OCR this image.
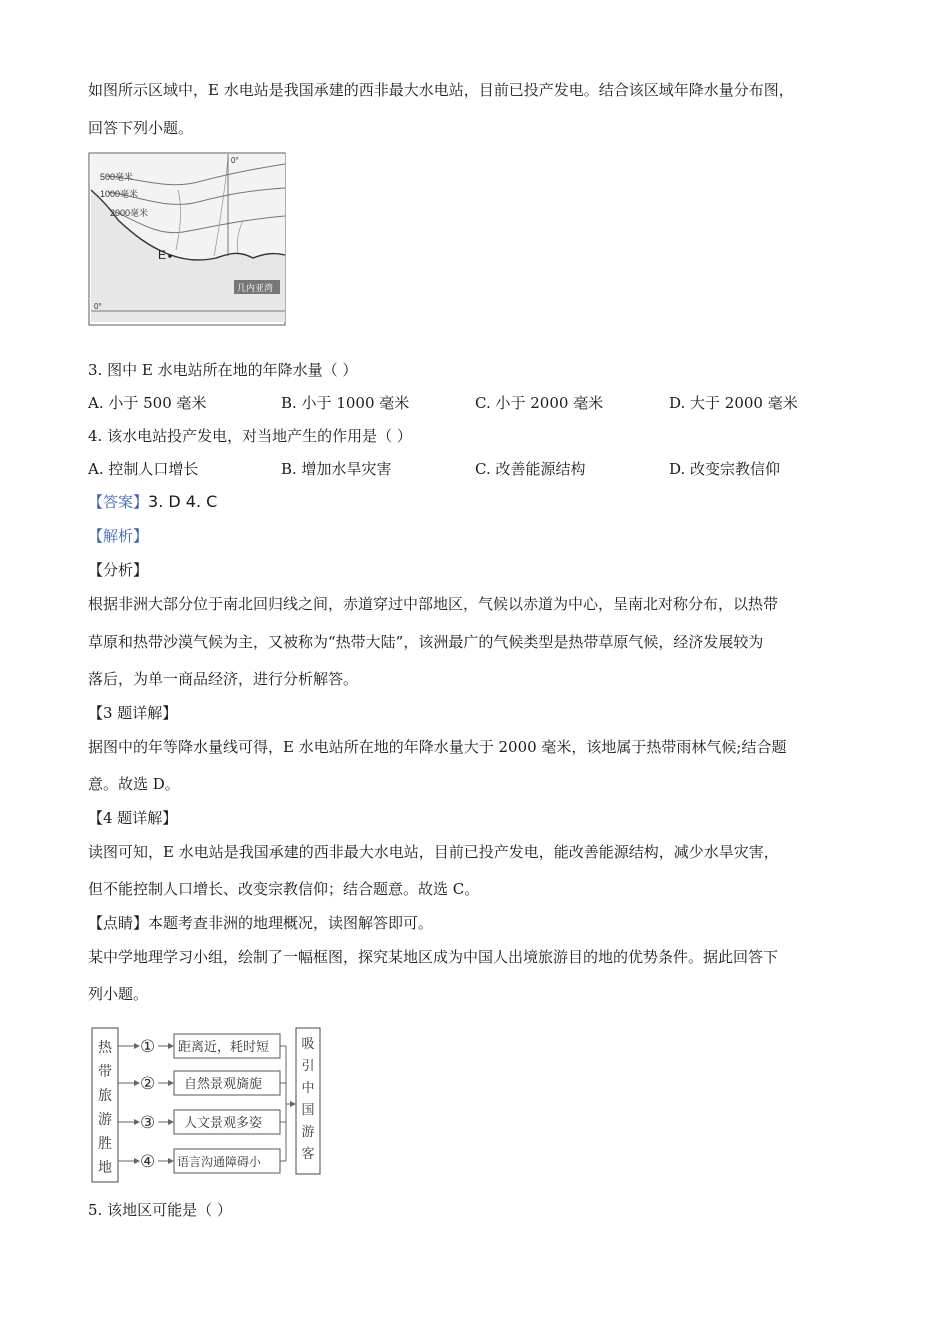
如图所示区域中，E 水电站是我国承建的西非最大水电站，目前已投产发电。结合该区域年降水量分布图，
回答下列小题。
500毫米
1000毫米
2000毫米
E
几内亚湾
0°
0°
3. 图中 E 水电站所在地的年降水量（ ）
A. 小于 500 毫米	B. 小于 1000 毫米	C. 小于 2000 毫米	D. 大于 2000 毫米
4. 该水电站投产发电，对当地产生的作用是（ ）
A. 控制人口增长	B. 增加水旱灾害	C. 改善能源结构	D. 改变宗教信仰
【答案】3. D 4. C
【解析】
【分析】
根据非洲大部分位于南北回归线之间，赤道穿过中部地区，气候以赤道为中心，呈南北对称分布，以热带
草原和热带沙漠气候为主，又被称为“热带大陆”，该洲最广的气候类型是热带草原气候，经济发展较为
落后，为单一商品经济，进行分析解答。
【3 题详解】
据图中的年等降水量线可得，E 水电站所在地的年降水量大于 2000 毫米，该地属于热带雨林气候;结合题
意。故选 D。
【4 题详解】
读图可知，E 水电站是我国承建的西非最大水电站，目前已投产发电，能改善能源结构，减少水旱灾害，
但不能控制人口增长、改变宗教信仰；结合题意。故选 C。
【点睛】本题考查非洲的地理概况，读图解答即可。
某中学地理学习小组，绘制了一幅框图，探究某地区成为中国人出境旅游目的地的优势条件。据此回答下
列小题。
热带旅游胜地
①
②
③
④
距离近，耗时短
自然景观旖旎
人文景观多姿
语言沟通障碍小
吸引中国游客
5. 该地区可能是（ ）
